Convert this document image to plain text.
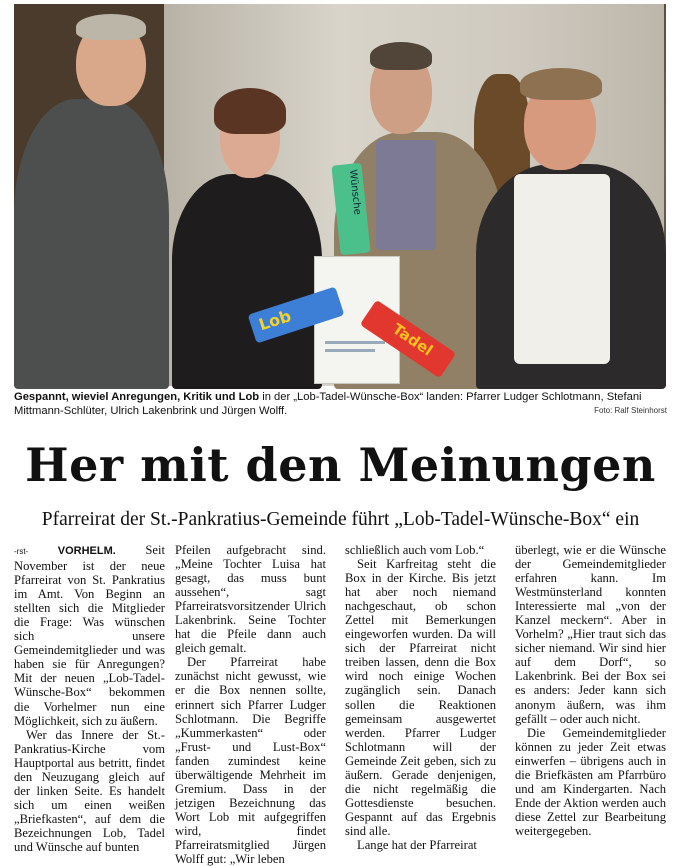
Wünsche
Lob	Tadel
Gespannt, wieviel Anregungen, Kritik und Lob in der „Lob-Tadel-Wünsche-Box“ landen: Pfarrer Ludger Schlotmann, Stefani Mittmann-Schlüter, Ulrich Lakenbrink und Jürgen Wolff.	Foto: Ralf Steinhorst
Her mit den Meinungen
Pfarreirat der St.-Pankratius-Gemeinde führt „Lob-Tadel-Wünsche-Box“ ein

-rst-	VORHELM. Seit November ist der neue Pfarreirat von St. Pankratius im Amt. Von Beginn an stellten sich die Mitglieder die Frage: Was wünschen sich unsere Gemeindemitglieder und was haben sie für Anregungen? Mit der neuen „Lob-Tadel-Wünsche-Box“ bekommen die Vorhelmer nun eine Möglichkeit, sich zu äußern.

Wer das Innere der St.-Pankratius-Kirche vom Hauptportal aus betritt, findet den Neuzugang gleich auf der linken Seite. Es handelt sich um einen weißen „Briefkasten“, auf dem die Bezeichnungen Lob, Tadel und Wünsche auf bunten

Pfeilen aufgebracht sind. „Meine Tochter Luisa hat gesagt, das muss bunt aussehen“, sagt Pfarreiratsvorsitzender Ulrich Lakenbrink. Seine Tochter hat die Pfeile dann auch gleich gemalt.

Der Pfarreirat habe zunächst nicht gewusst, wie er die Box nennen sollte, erinnert sich Pfarrer Ludger Schlotmann. Die Begriffe „Kummerkasten“ oder „Frust- und Lust-Box“ fanden zumindest keine überwältigende Mehrheit im Gremium. Dass in der jetzigen Bezeichnung das Wort Lob mit aufgegriffen wird, findet Pfarreiratsmitglied Jürgen Wolff gut: „Wir leben

schließlich auch vom Lob.“

Seit Karfreitag steht die Box in der Kirche. Bis jetzt hat aber noch niemand nachgeschaut, ob schon Zettel mit Bemerkungen eingeworfen wurden. Da will sich der Pfarreirat nicht treiben lassen, denn die Box wird noch einige Wochen zugänglich sein. Danach sollen die Reaktionen gemeinsam ausgewertet werden. Pfarrer Ludger Schlotmann will der Gemeinde Zeit geben, sich zu äußern. Gerade denjenigen, die nicht regelmäßig die Gottesdienste besuchen. Gespannt auf das Ergebnis sind alle.

Lange hat der Pfarreirat

überlegt, wie er die Wünsche der Gemeindemitglieder erfahren kann. Im Westmünsterland konnten Interessierte mal „von der Kanzel meckern“. Aber in Vorhelm? „Hier traut sich das sicher niemand. Wir sind hier auf dem Dorf“, so Lakenbrink. Bei der Box sei es anders: Jeder kann sich anonym äußern, was ihm gefällt – oder auch nicht.

Die Gemeindemitglieder können zu jeder Zeit etwas einwerfen – übrigens auch in die Briefkästen am Pfarrbüro und am Kindergarten. Nach Ende der Aktion werden auch diese Zettel zur Bearbeitung weitergegeben.
